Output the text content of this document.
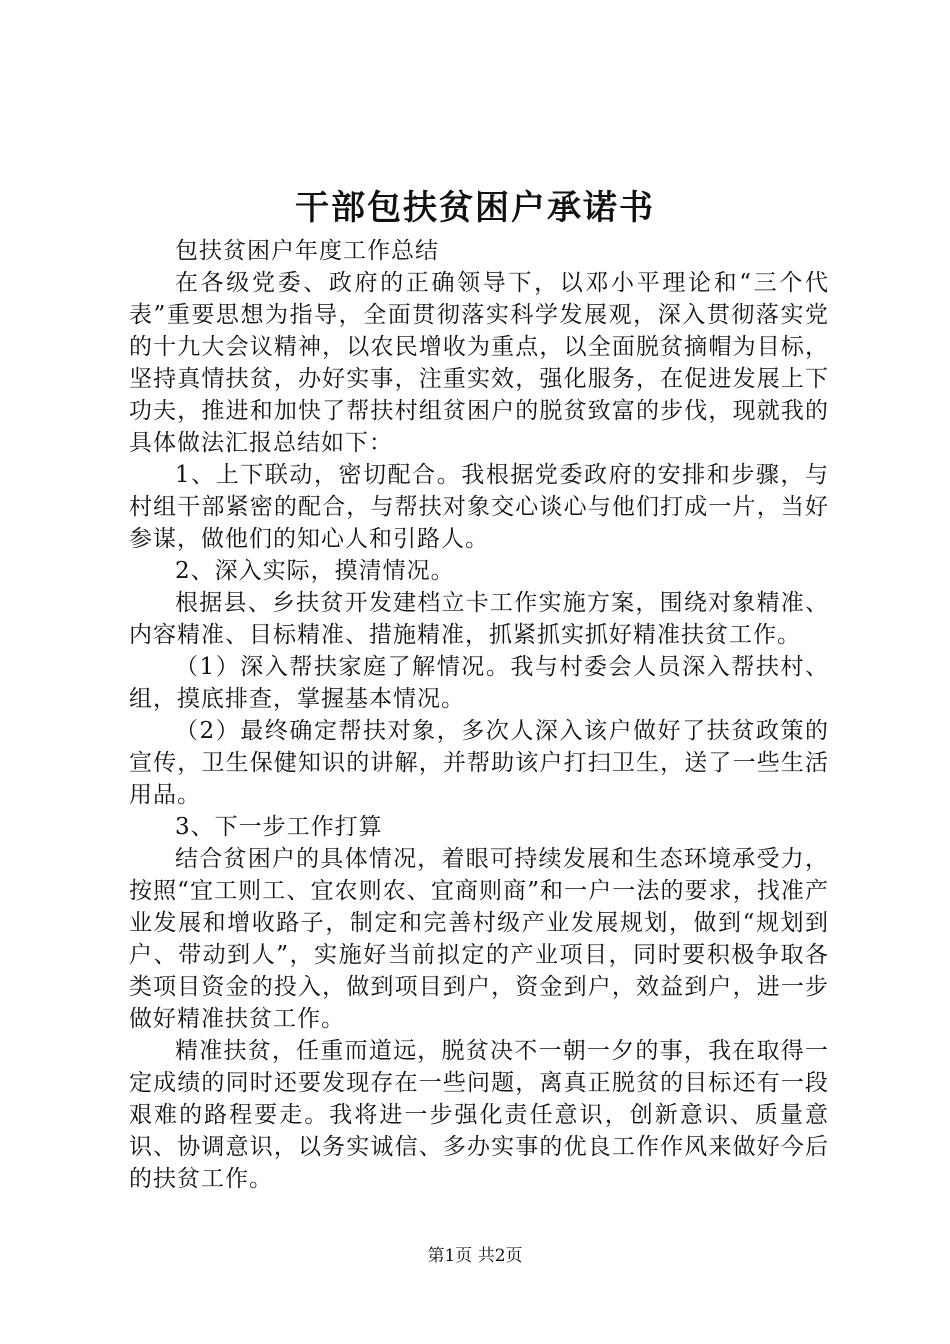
干部包扶贫困户承诺书

包扶贫困户年度工作总结

在各级党委、政府的正确领导下，以邓小平理论和“三个代表”重要思想为指导，全面贯彻落实科学发展观，深入贯彻落实党的十九大会议精神，以农民增收为重点，以全面脱贫摘帽为目标，坚持真情扶贫，办好实事，注重实效，强化服务，在促进发展上下功夫，推进和加快了帮扶村组贫困户的脱贫致富的步伐，现就我的具体做法汇报总结如下：

1、上下联动，密切配合。我根据党委政府的安排和步骤，与村组干部紧密的配合，与帮扶对象交心谈心与他们打成一片，当好参谋，做他们的知心人和引路人。

2、深入实际，摸清情况。

根据县、乡扶贫开发建档立卡工作实施方案，围绕对象精准、内容精准、目标精准、措施精准，抓紧抓实抓好精准扶贫工作。

（1）深入帮扶家庭了解情况。我与村委会人员深入帮扶村、组，摸底排查，掌握基本情况。

（2）最终确定帮扶对象，多次人深入该户做好了扶贫政策的宣传，卫生保健知识的讲解，并帮助该户打扫卫生，送了一些生活用品。

3、下一步工作打算

结合贫困户的具体情况，着眼可持续发展和生态环境承受力，按照“宜工则工、宜农则农、宜商则商”和一户一法的要求，找准产业发展和增收路子，制定和完善村级产业发展规划，做到“规划到户、带动到人”，实施好当前拟定的产业项目，同时要积极争取各类项目资金的投入，做到项目到户，资金到户，效益到户，进一步做好精准扶贫工作。

精准扶贫，任重而道远，脱贫决不一朝一夕的事，我在取得一定成绩的同时还要发现存在一些问题，离真正脱贫的目标还有一段艰难的路程要走。我将进一步强化责任意识，创新意识、质量意识、协调意识，以务实诚信、多办实事的优良工作作风来做好今后的扶贫工作。

第1页 共2页
